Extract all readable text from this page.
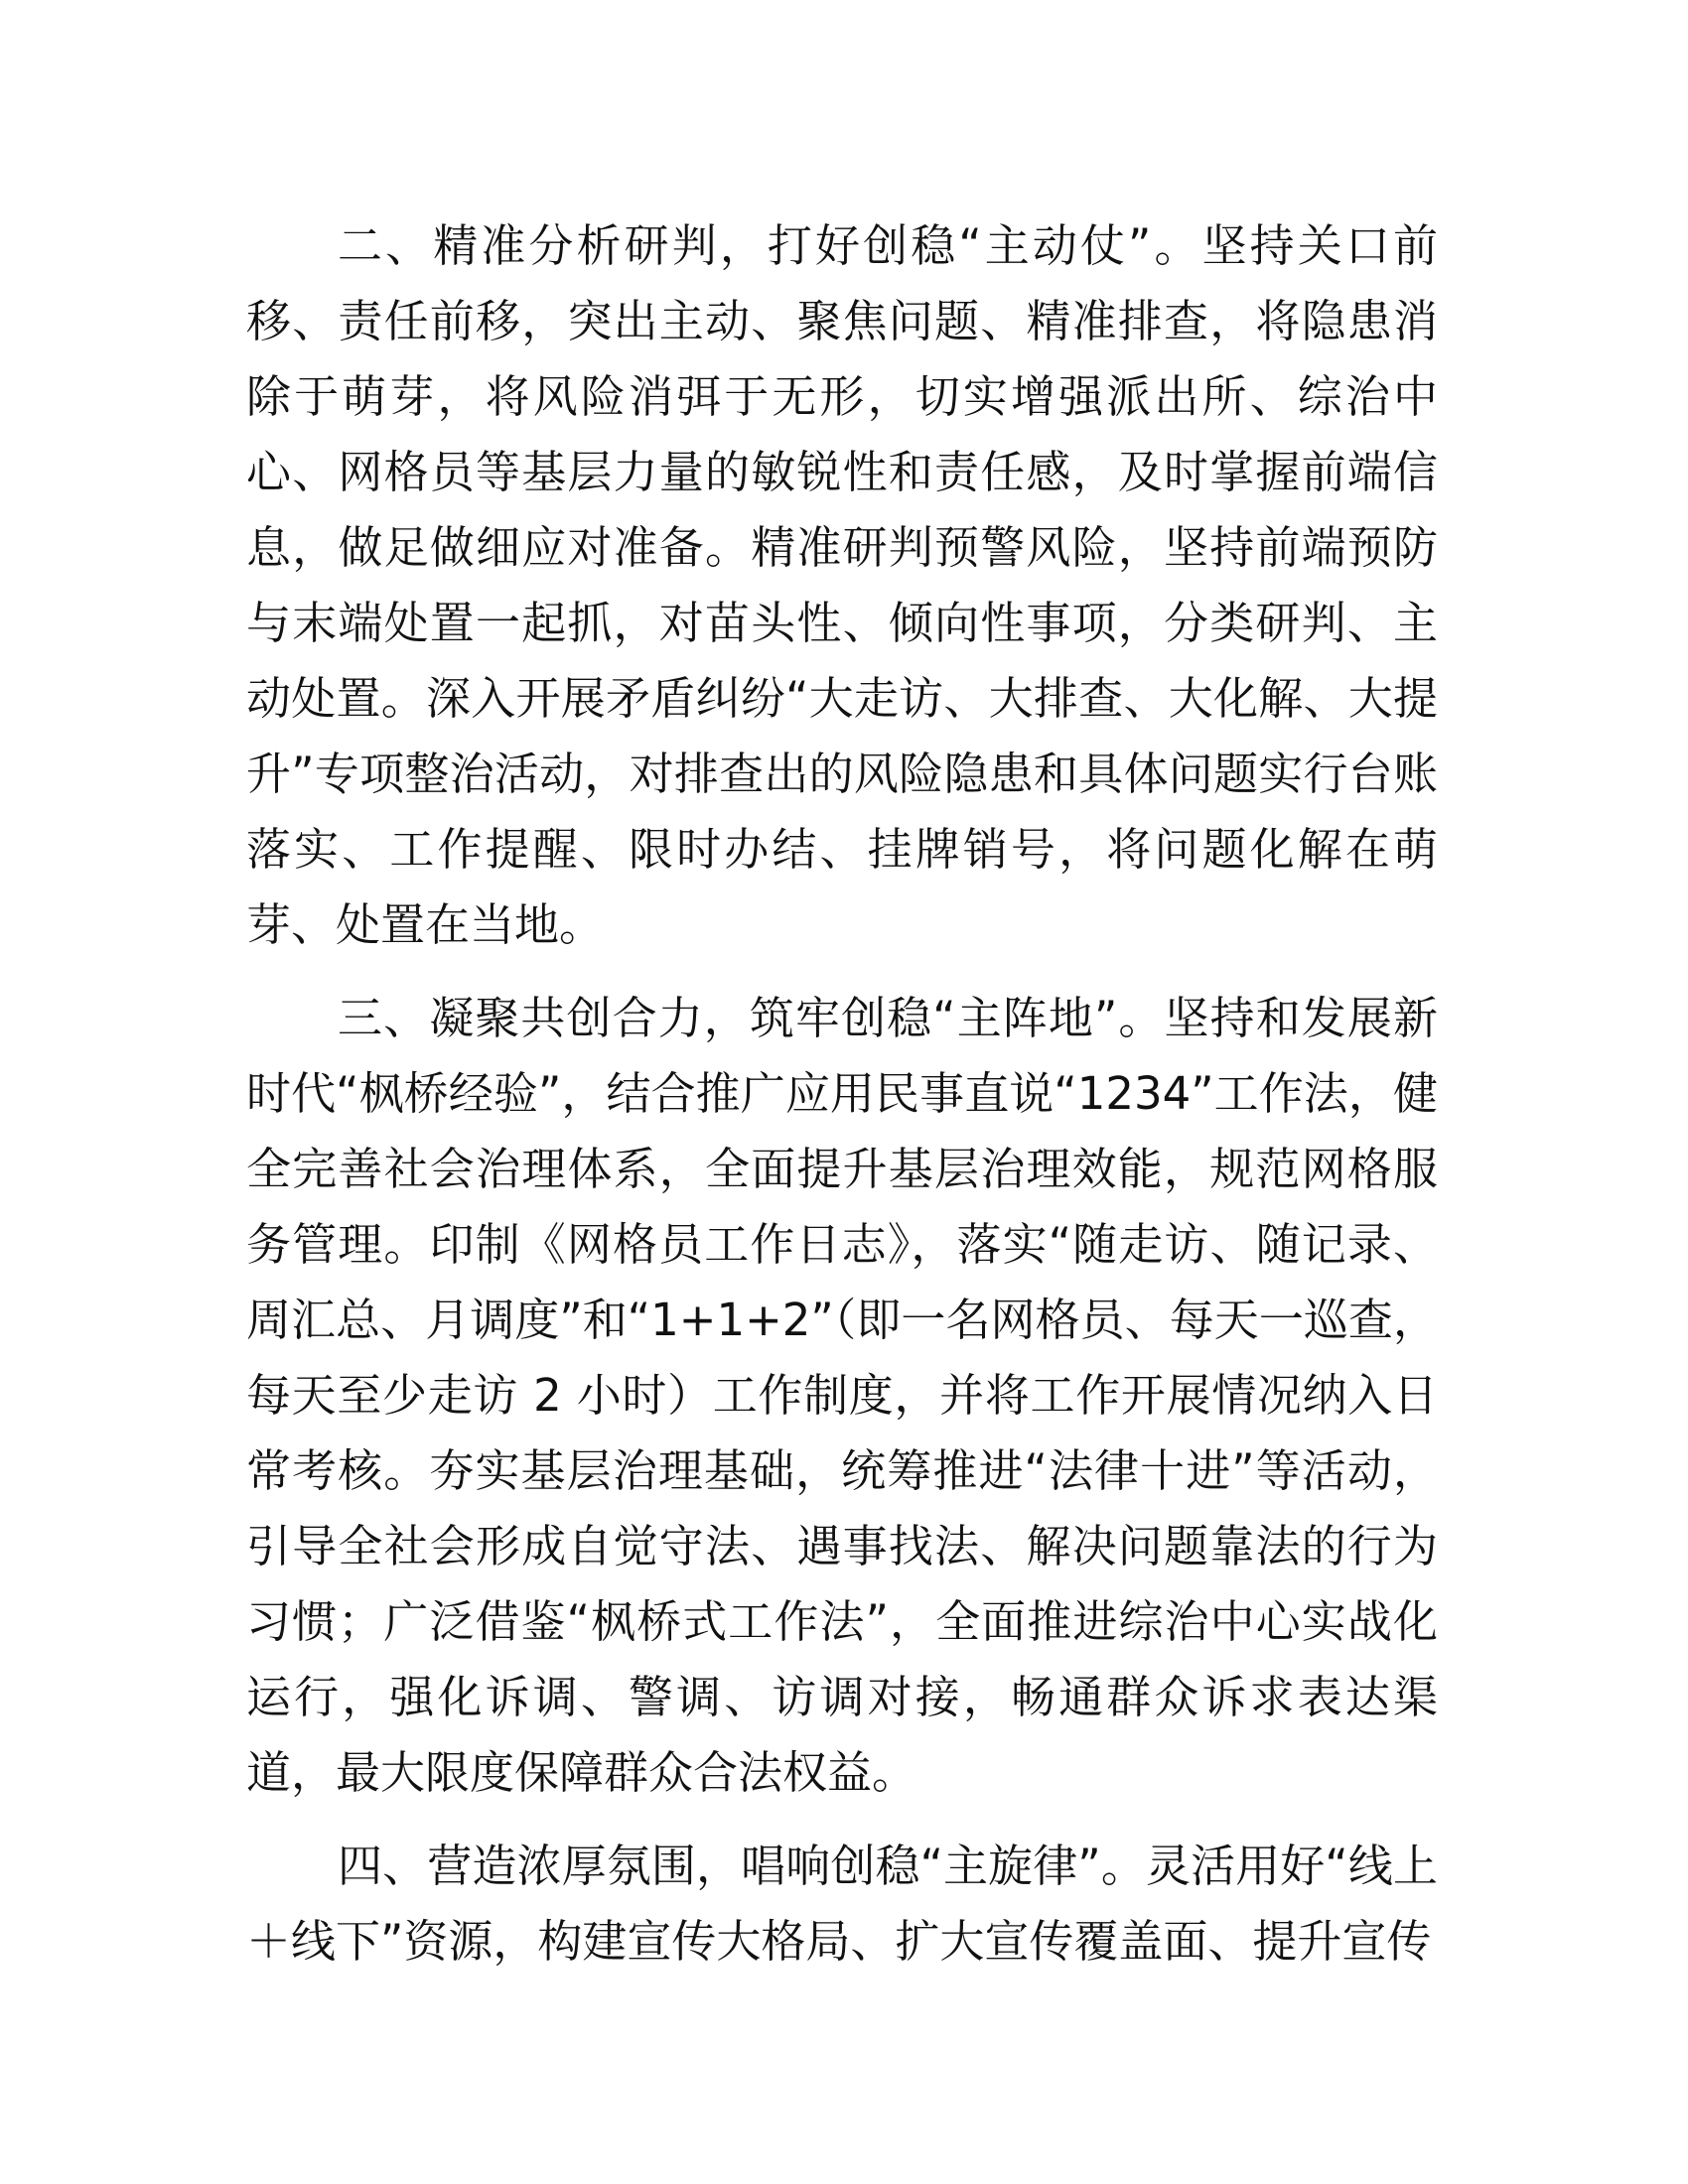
二、精准分析研判，打好创稳“主动仗”。坚持关口前移、责任前移，突出主动、聚焦问题、精准排查，将隐患消除于萌芽，将风险消弭于无形，切实增强派出所、综治中心、网格员等基层力量的敏锐性和责任感，及时掌握前端信息，做足做细应对准备。精准研判预警风险，坚持前端预防与末端处置一起抓，对苗头性、倾向性事项，分类研判、主动处置。深入开展矛盾纠纷“大走访、大排查、大化解、大提升”专项整治活动，对排查出的风险隐患和具体问题实行台账落实、工作提醒、限时办结、挂牌销号，将问题化解在萌芽、处置在当地。

三、凝聚共创合力，筑牢创稳“主阵地”。坚持和发展新时代“枫桥经验”，结合推广应用民事直说“1234”工作法，健全完善社会治理体系，全面提升基层治理效能，规范网格服务管理。印制《网格员工作日志》，落实“随走访、随记录、周汇总、月调度”和“1+1+2”（即一名网格员、每天一巡查，每天至少走访 2 小时）工作制度，并将工作开展情况纳入日常考核。夯实基层治理基础，统筹推进“法律十进”等活动，引导全社会形成自觉守法、遇事找法、解决问题靠法的行为习惯；广泛借鉴“枫桥式工作法”，全面推进综治中心实战化运行，强化诉调、警调、访调对接，畅通群众诉求表达渠道，最大限度保障群众合法权益。

四、营造浓厚氛围，唱响创稳“主旋律”。灵活用好“线上＋线下”资源，构建宣传大格局、扩大宣传覆盖面、提升宣传
